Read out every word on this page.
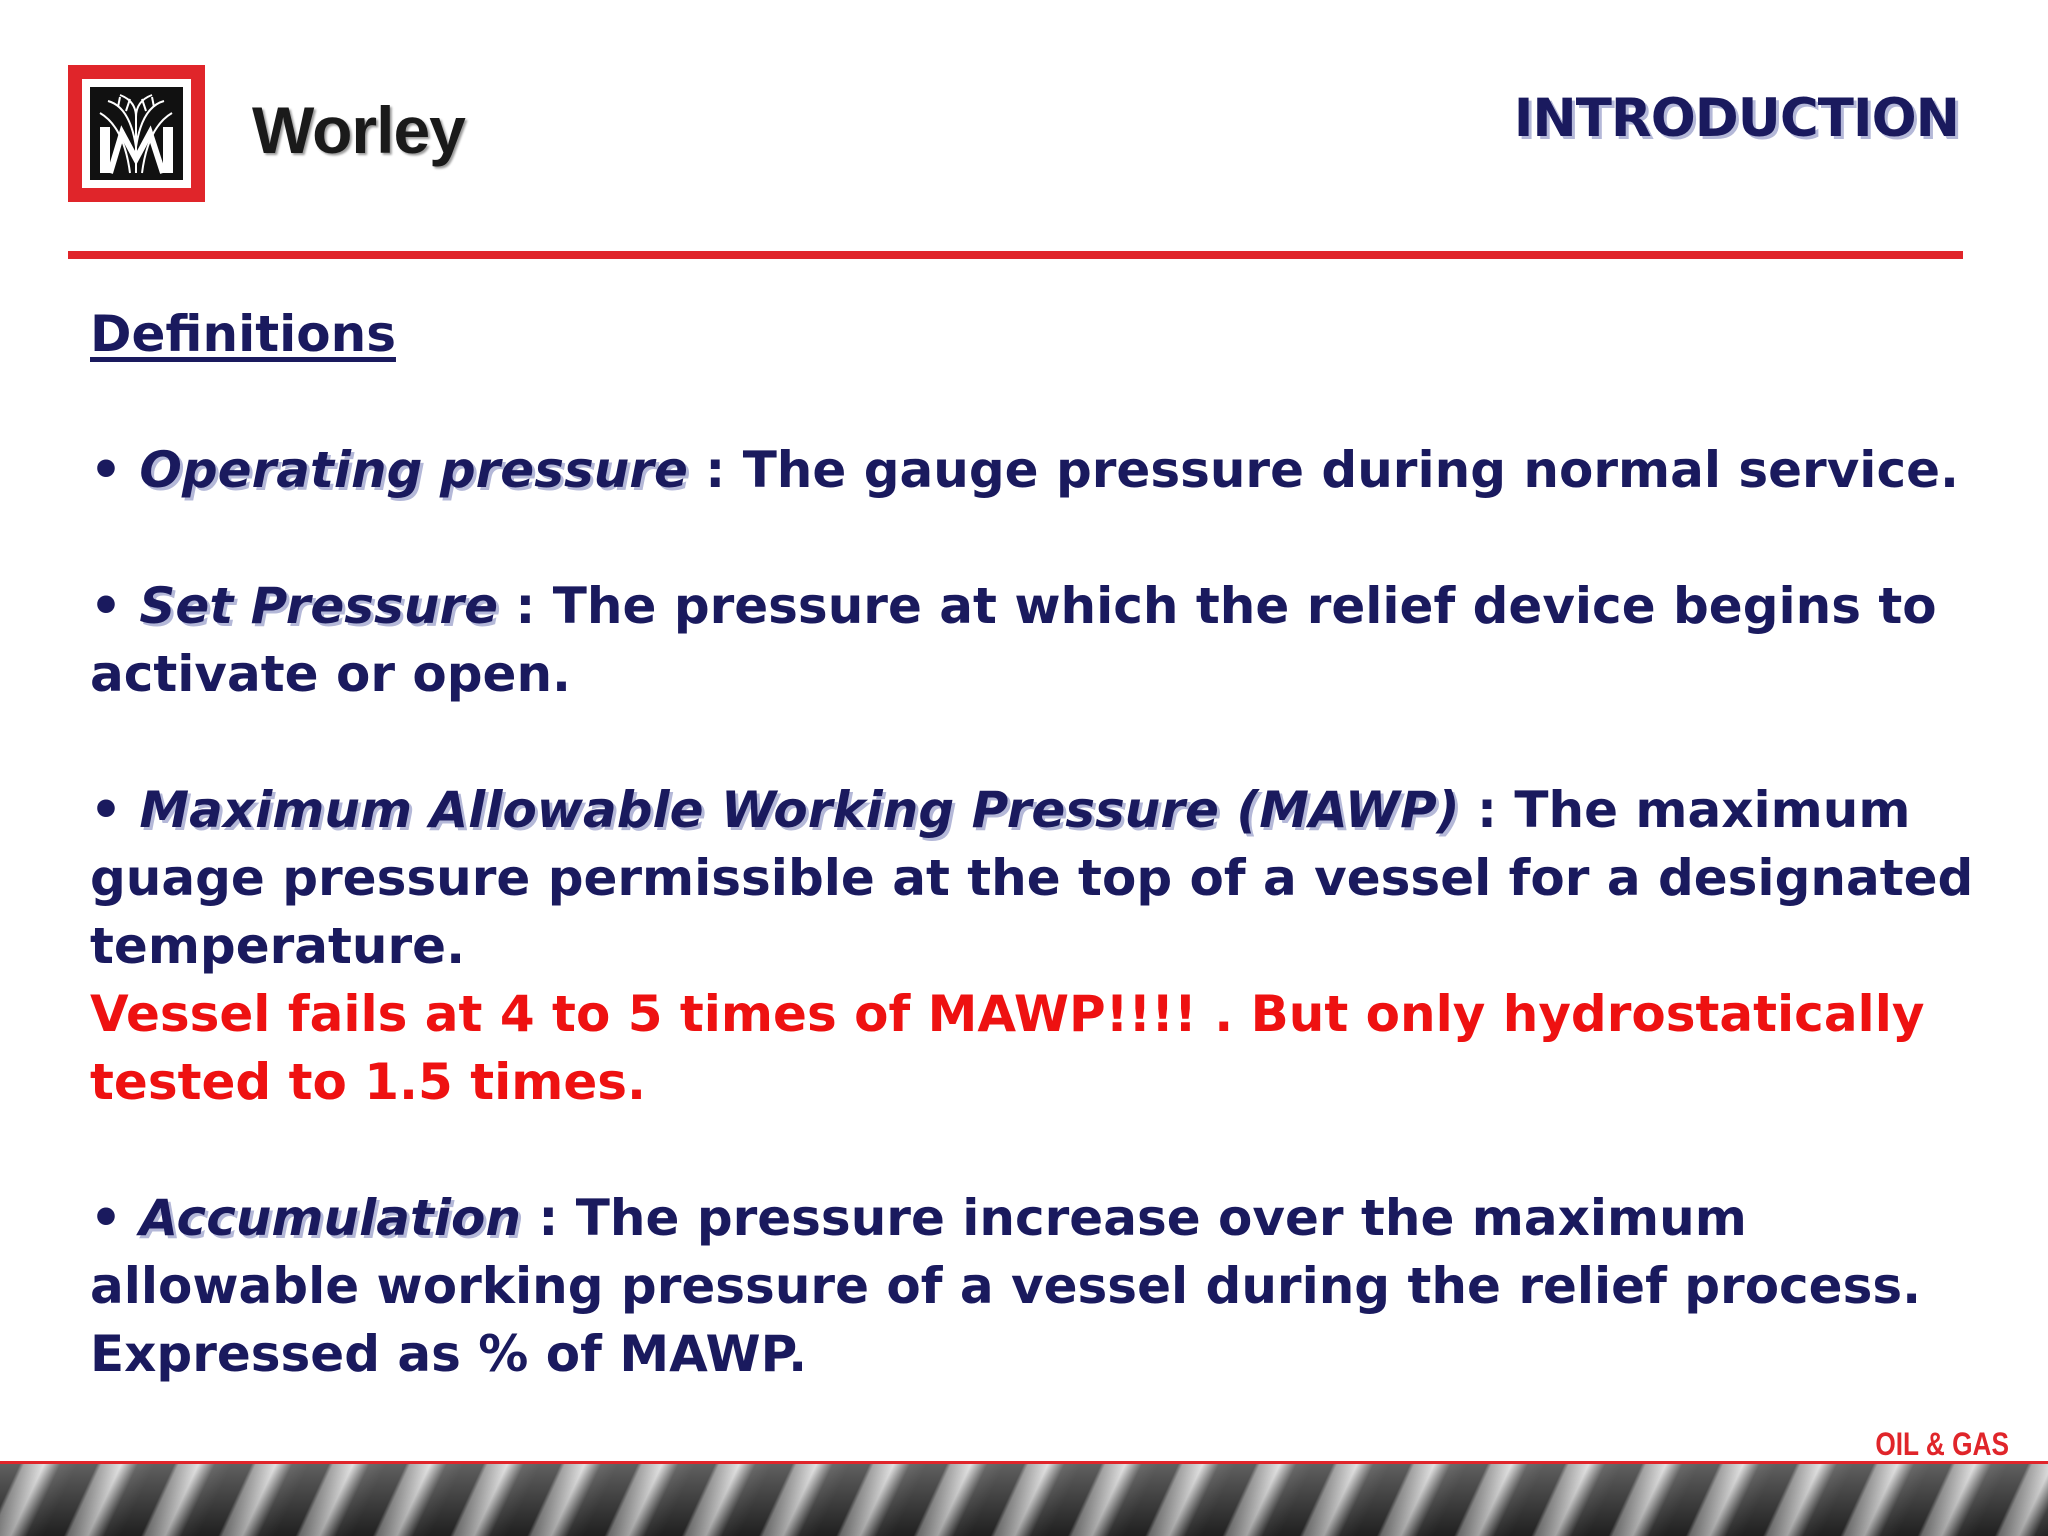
Worley	INTRODUCTION
Definitions

• Operating pressure : The gauge pressure during normal service.

• Set Pressure : The pressure at which the relief device begins to activate or open.

• Maximum Allowable Working Pressure (MAWP) : The maximum guage pressure permissible at the top of a vessel for a designated temperature.
Vessel fails at 4 to 5 times of MAWP!!!! . But only hydrostatically tested to 1.5 times.

• Accumulation : The pressure increase over the maximum allowable working pressure of a vessel during the relief process. Expressed as % of MAWP.

OIL & GAS
